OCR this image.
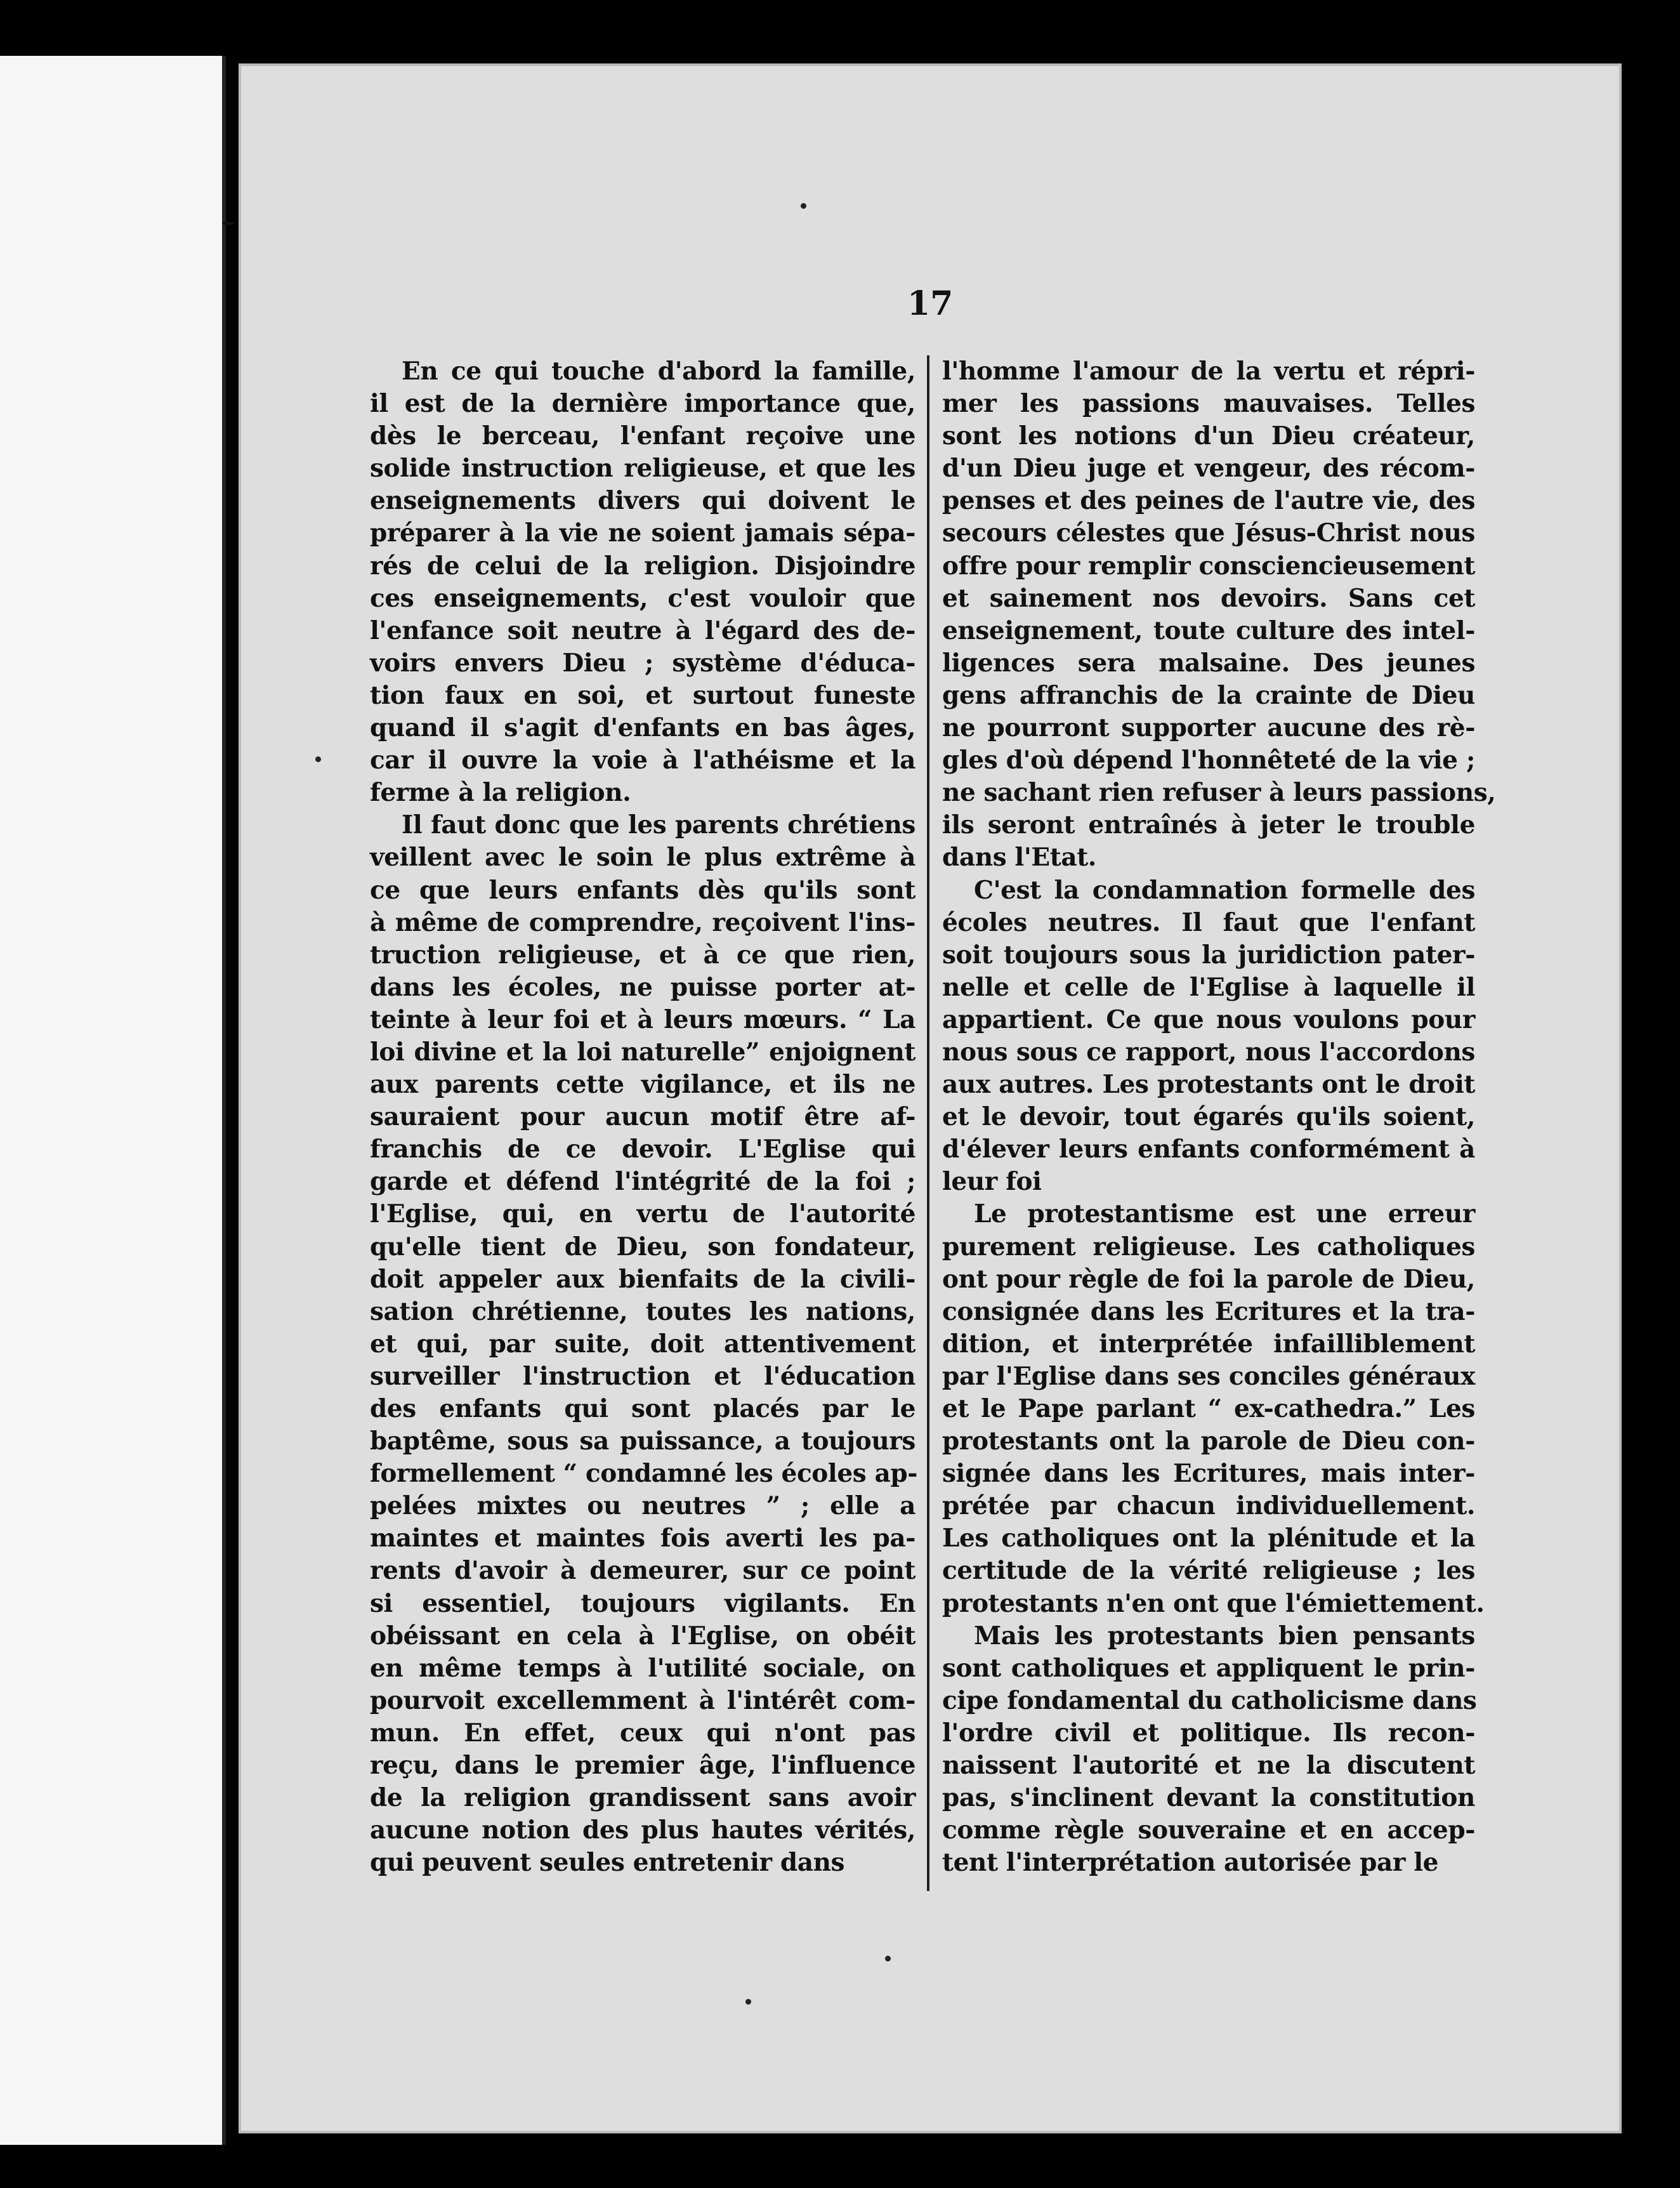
17
En ce qui touche d'abord la famille,
il est de la dernière importance que,
dès le berceau, l'enfant reçoive une
solide instruction religieuse, et que les
enseignements divers qui doivent le
préparer à la vie ne soient jamais sépa-
rés de celui de la religion. Disjoindre
ces enseignements, c'est vouloir que
l'enfance soit neutre à l'égard des de-
voirs envers Dieu ; système d'éduca-
tion faux en soi, et surtout funeste
quand il s'agit d'enfants en bas âges,
car il ouvre la voie à l'athéisme et la
ferme à la religion.
Il faut donc que les parents chrétiens
veillent avec le soin le plus extrême à
ce que leurs enfants dès qu'ils sont
à même de comprendre, reçoivent l'ins-
truction religieuse, et à ce que rien,
dans les écoles, ne puisse porter at-
teinte à leur foi et à leurs mœurs. “ La
loi divine et la loi naturelle” enjoignent
aux parents cette vigilance, et ils ne
sauraient pour aucun motif être af-
franchis de ce devoir. L'Eglise qui
garde et défend l'intégrité de la foi ;
l'Eglise, qui, en vertu de l'autorité
qu'elle tient de Dieu, son fondateur,
doit appeler aux bienfaits de la civili-
sation chrétienne, toutes les nations,
et qui, par suite, doit attentivement
surveiller l'instruction et l'éducation
des enfants qui sont placés par le
baptême, sous sa puissance, a toujours
formellement “ condamné les écoles ap-
pelées mixtes ou neutres ” ; elle a
maintes et maintes fois averti les pa-
rents d'avoir à demeurer, sur ce point
si essentiel, toujours vigilants. En
obéissant en cela à l'Eglise, on obéit
en même temps à l'utilité sociale, on
pourvoit excellemment à l'intérêt com-
mun. En effet, ceux qui n'ont pas
reçu, dans le premier âge, l'influence
de la religion grandissent sans avoir
aucune notion des plus hautes vérités,
qui peuvent seules entretenir dans
l'homme l'amour de la vertu et répri-
mer les passions mauvaises. Telles
sont les notions d'un Dieu créateur,
d'un Dieu juge et vengeur, des récom-
penses et des peines de l'autre vie, des
secours célestes que Jésus-Christ nous
offre pour remplir consciencieusement
et sainement nos devoirs. Sans cet
enseignement, toute culture des intel-
ligences sera malsaine. Des jeunes
gens affranchis de la crainte de Dieu
ne pourront supporter aucune des rè-
gles d'où dépend l'honnêteté de la vie ;
ne sachant rien refuser à leurs passions,
ils seront entraînés à jeter le trouble
dans l'Etat.
C'est la condamnation formelle des
écoles neutres. Il faut que l'enfant
soit toujours sous la juridiction pater-
nelle et celle de l'Eglise à laquelle il
appartient. Ce que nous voulons pour
nous sous ce rapport, nous l'accordons
aux autres. Les protestants ont le droit
et le devoir, tout égarés qu'ils soient,
d'élever leurs enfants conformément à
leur foi
Le protestantisme est une erreur
purement religieuse. Les catholiques
ont pour règle de foi la parole de Dieu,
consignée dans les Ecritures et la tra-
dition, et interprétée infailliblement
par l'Eglise dans ses conciles généraux
et le Pape parlant “ ex-cathedra.” Les
protestants ont la parole de Dieu con-
signée dans les Ecritures, mais inter-
prétée par chacun individuellement.
Les catholiques ont la plénitude et la
certitude de la vérité religieuse ; les
protestants n'en ont que l'émiettement.
Mais les protestants bien pensants
sont catholiques et appliquent le prin-
cipe fondamental du catholicisme dans
l'ordre civil et politique. Ils recon-
naissent l'autorité et ne la discutent
pas, s'inclinent devant la constitution
comme règle souveraine et en accep-
tent l'interprétation autorisée par le
